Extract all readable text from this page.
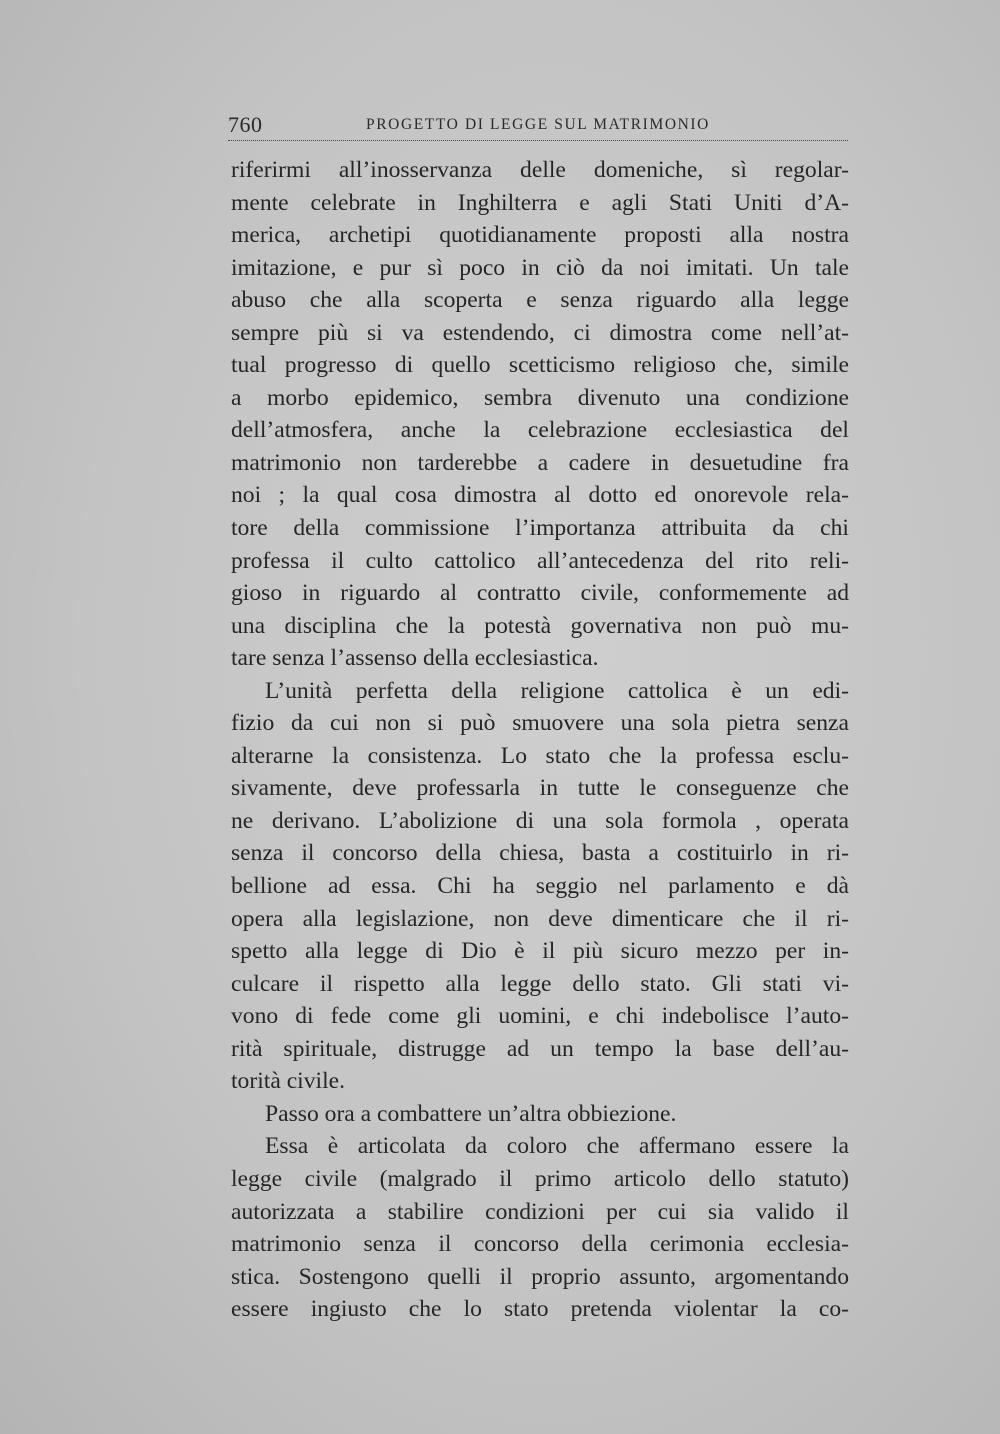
760	PROGETTO DI LEGGE SUL MATRIMONIO
riferirmi all’inosservanza delle domeniche, sì regolar-
mente celebrate in Inghilterra e agli Stati Uniti d’A-
merica, archetipi quotidianamente proposti alla nostra
imitazione, e pur sì poco in ciò da noi imitati. Un tale
abuso che alla scoperta e senza riguardo alla legge
sempre più si va estendendo, ci dimostra come nell’at-
tual progresso di quello scetticismo religioso che, simile
a morbo epidemico, sembra divenuto una condizione
dell’atmosfera, anche la celebrazione ecclesiastica del
matrimonio non tarderebbe a cadere in desuetudine fra
noi ; la qual cosa dimostra al dotto ed onorevole rela-
tore della commissione l’importanza attribuita da chi
professa il culto cattolico all’antecedenza del rito reli-
gioso in riguardo al contratto civile, conformemente ad
una disciplina che la potestà governativa non può mu-
tare senza l’assenso della ecclesiastica.
L’unità perfetta della religione cattolica è un edi-
fizio da cui non si può smuovere una sola pietra senza
alterarne la consistenza. Lo stato che la professa esclu-
sivamente, deve professarla in tutte le conseguenze che
ne derivano. L’abolizione di una sola formola , operata
senza il concorso della chiesa, basta a costituirlo in ri-
bellione ad essa. Chi ha seggio nel parlamento e dà
opera alla legislazione, non deve dimenticare che il ri-
spetto alla legge di Dio è il più sicuro mezzo per in-
culcare il rispetto alla legge dello stato. Gli stati vi-
vono di fede come gli uomini, e chi indebolisce l’auto-
rità spirituale, distrugge ad un tempo la base dell’au-
torità civile.
Passo ora a combattere un’altra obbiezione.
Essa è articolata da coloro che affermano essere la
legge civile (malgrado il primo articolo dello statuto)
autorizzata a stabilire condizioni per cui sia valido il
matrimonio senza il concorso della cerimonia ecclesia-
stica. Sostengono quelli il proprio assunto, argomentando
essere ingiusto che lo stato pretenda violentar la co-
